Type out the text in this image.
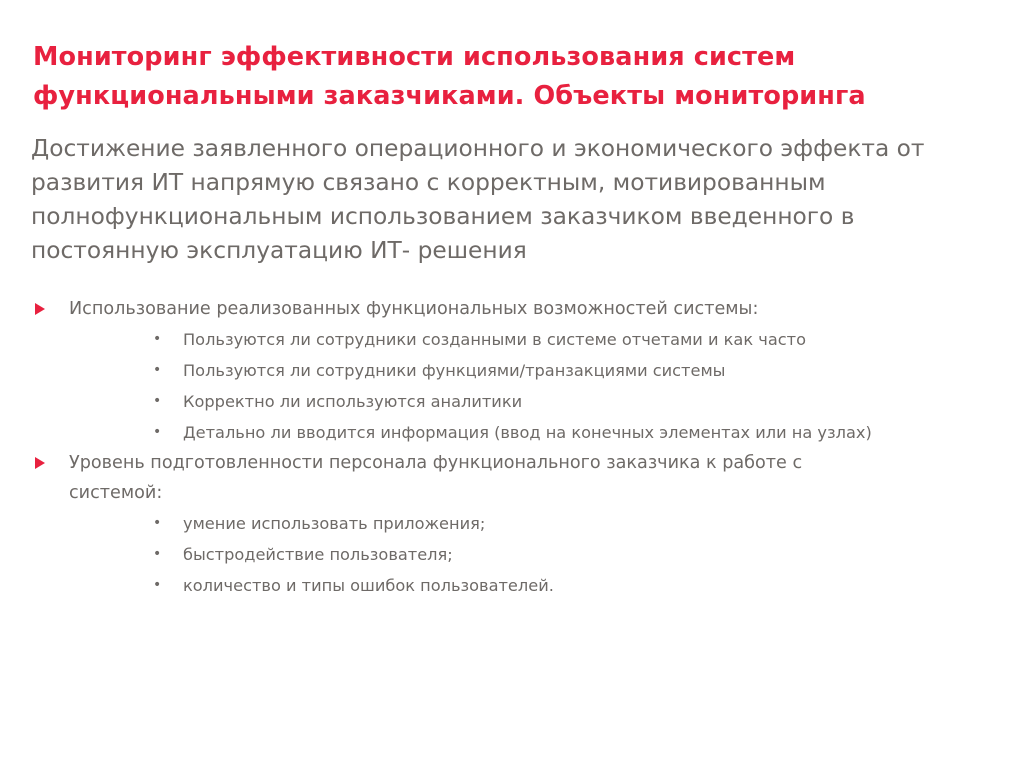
Мониторинг эффективности использования систем
функциональными заказчиками. Объекты мониторинга

Достижение заявленного операционного и экономического эффекта от
развития ИТ напрямую связано с корректным, мотивированным
полнофункциональным использованием заказчиком введенного в
постоянную эксплуатацию ИТ- решения

Использование реализованных функциональных возможностей системы:
• Пользуются ли сотрудники созданными в системе отчетами и как часто
• Пользуются ли сотрудники функциями/транзакциями системы
• Корректно ли используются аналитики
• Детально ли вводится информация (ввод на конечных элементах или на узлах)
Уровень подготовленности персонала функционального заказчика к работе с
системой:
• умение использовать приложения;
• быстродействие пользователя;
• количество и типы ошибок пользователей.
